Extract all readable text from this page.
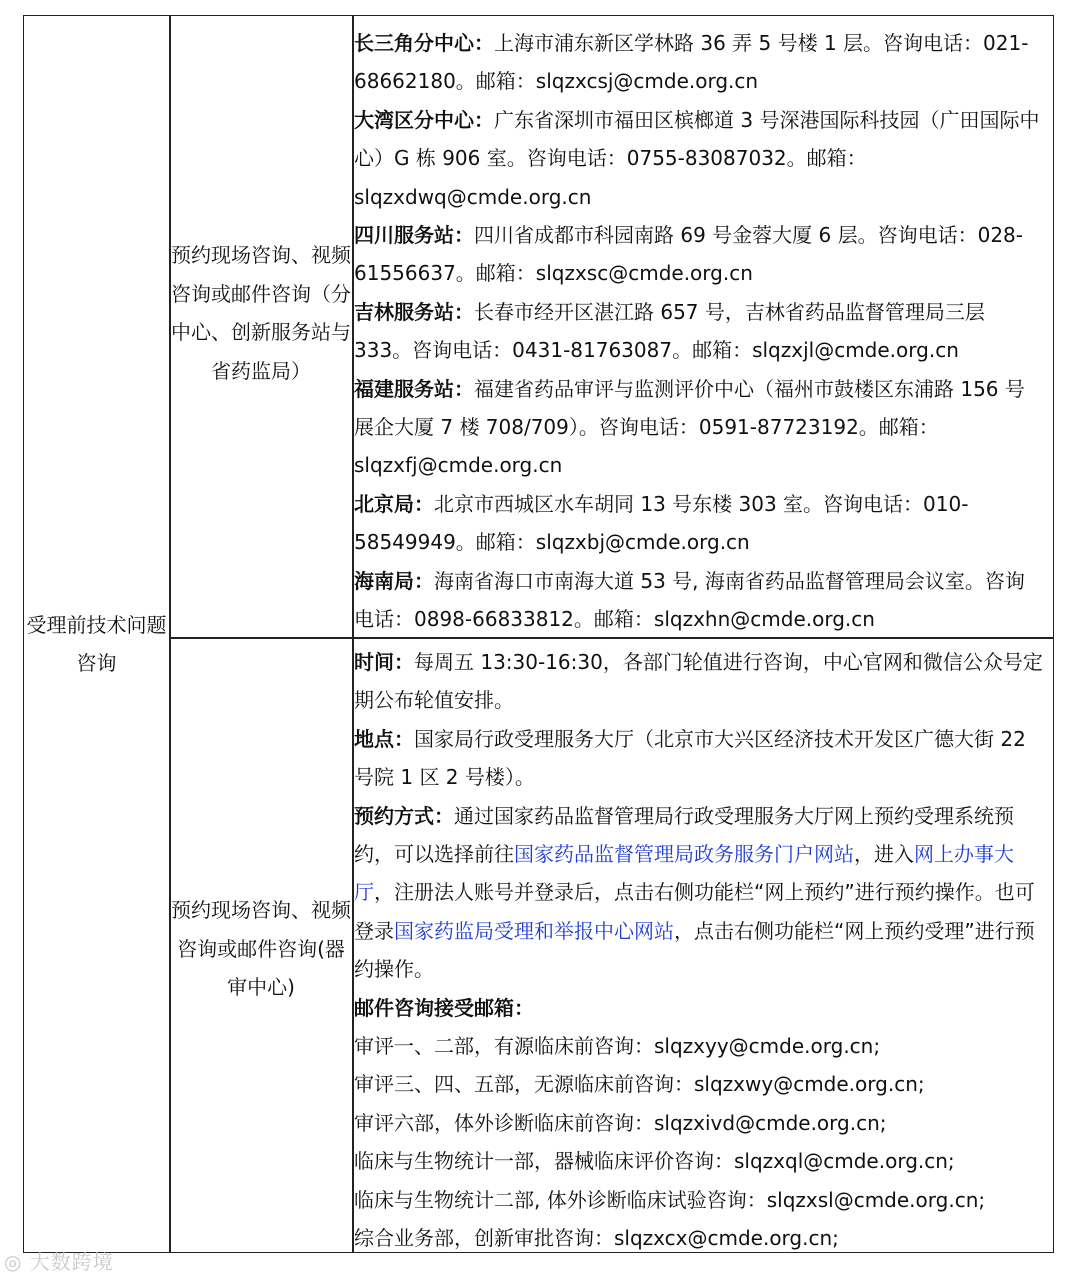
受理前技术问题咨询
预约现场咨询、视频咨询或邮件咨询（分中心、创新服务站与省药监局）
预约现场咨询、视频咨询或邮件咨询(器审中心)

长三角分中心：上海市浦东新区学林路 36 弄 5 号楼 1 层。咨询电话：021-68662180。邮箱：slqzxcsj@cmde.org.cn

大湾区分中心：广东省深圳市福田区槟榔道 3 号深港国际科技园（广田国际中心）G 栋 906 室。咨询电话：0755-83087032。邮箱：slqzxdwq@cmde.org.cn

四川服务站：四川省成都市科园南路 69 号金蓉大厦 6 层。咨询电话：028-61556637。邮箱：slqzxsc@cmde.org.cn

吉林服务站：长春市经开区湛江路 657 号，吉林省药品监督管理局三层 333。咨询电话：0431-81763087。邮箱：slqzxjl@cmde.org.cn

福建服务站：福建省药品审评与监测评价中心（福州市鼓楼区东浦路 156 号展企大厦 7 楼 708/709）。咨询电话：0591-87723192。邮箱：slqzxfj@cmde.org.cn

北京局：北京市西城区水车胡同 13 号东楼 303 室。咨询电话：010-58549949。邮箱：slqzxbj@cmde.org.cn

海南局：海南省海口市南海大道 53 号, 海南省药品监督管理局会议室。咨询电话：0898-66833812。邮箱：slqzxhn@cmde.org.cn

时间：每周五 13:30-16:30，各部门轮值进行咨询，中心官网和微信公众号定期公布轮值安排。

地点：国家局行政受理服务大厅（北京市大兴区经济技术开发区广德大街 22 号院 1 区 2 号楼）。

预约方式：通过国家药品监督管理局行政受理服务大厅网上预约受理系统预约，可以选择前往国家药品监督管理局政务服务门户网站，进入网上办事大厅，注册法人账号并登录后，点击右侧功能栏“网上预约”进行预约操作。也可登录国家药监局受理和举报中心网站，点击右侧功能栏“网上预约受理”进行预约操作。

邮件咨询接受邮箱：

审评一、二部，有源临床前咨询：slqzxyy@cmde.org.cn;

审评三、四、五部，无源临床前咨询：slqzxwy@cmde.org.cn;

审评六部，体外诊断临床前咨询：slqzxivd@cmde.org.cn;

临床与生物统计一部，器械临床评价咨询：slqzxql@cmde.org.cn;

临床与生物统计二部, 体外诊断临床试验咨询：slqzxsl@cmde.org.cn;

综合业务部，创新审批咨询：slqzxcx@cmde.org.cn;

◎ 大数跨境
